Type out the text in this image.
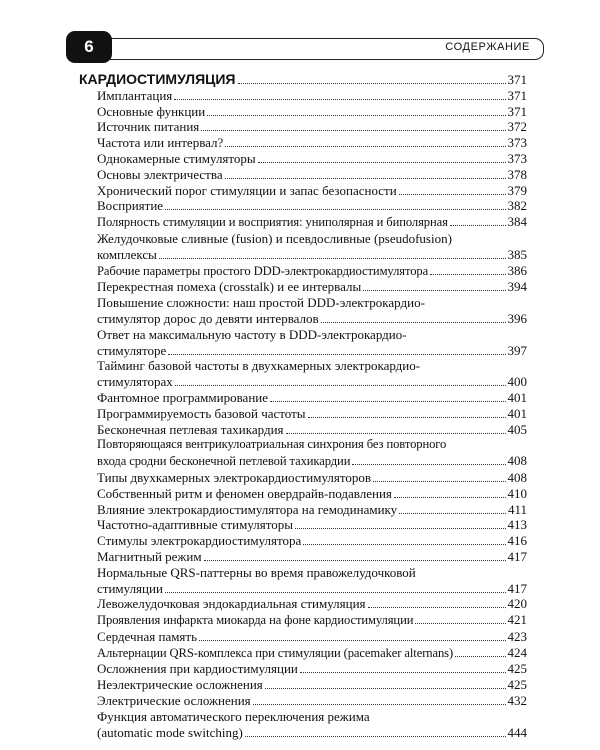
6	СОДЕРЖАНИЕ
КАРДИОСТИМУЛЯЦИЯ	371
Имплантация	371
Основные функции	371
Источник питания	372
Частота или интервал?	373
Однокамерные стимуляторы	373
Основы электричества	378
Хронический порог стимуляции и запас безопасности	379
Восприятие	382
Полярность стимуляции и восприятия: униполярная и биполярная	384
Желудочковые сливные (fusion) и псевдосливные (pseudofusion)
комплексы	385
Рабочие параметры простого DDD-электрокардиостимулятора	386
Перекрестная помеха (crosstalk) и ее интервалы	394
Повышение сложности: наш простой DDD-электрокардио-
стимулятор дорос до девяти интервалов	396
Ответ на максимальную частоту в DDD-электрокардио-
стимуляторе	397
Тайминг базовой частоты в двухкамерных электрокардио-
стимуляторах	400
Фантомное программирование	401
Программируемость базовой частоты	401
Бесконечная петлевая тахикардия	405
Повторяющаяся вентрикулоатриальная синхрония без повторного
входа сродни бесконечной петлевой тахикардии	408
Типы двухкамерных электрокардиостимуляторов	408
Собственный ритм и феномен овердрайв-подавления	410
Влияние электрокардиостимулятора на гемодинамику	411
Частотно-адаптивные стимуляторы	413
Стимулы электрокардиостимулятора	416
Магнитный режим	417
Нормальные QRS-паттерны во время правожелудочковой
стимуляции	417
Левожелудочковая эндокардиальная стимуляция	420
Проявления инфаркта миокарда на фоне кардиостимуляции	421
Сердечная память	423
Альтернации QRS-комплекса при стимуляции (pacemaker alternans)	424
Осложнения при кардиостимуляции	425
Неэлектрические осложнения	425
Электрические осложнения	432
Функция автоматического переключения режима
(automatic mode switching)	444
